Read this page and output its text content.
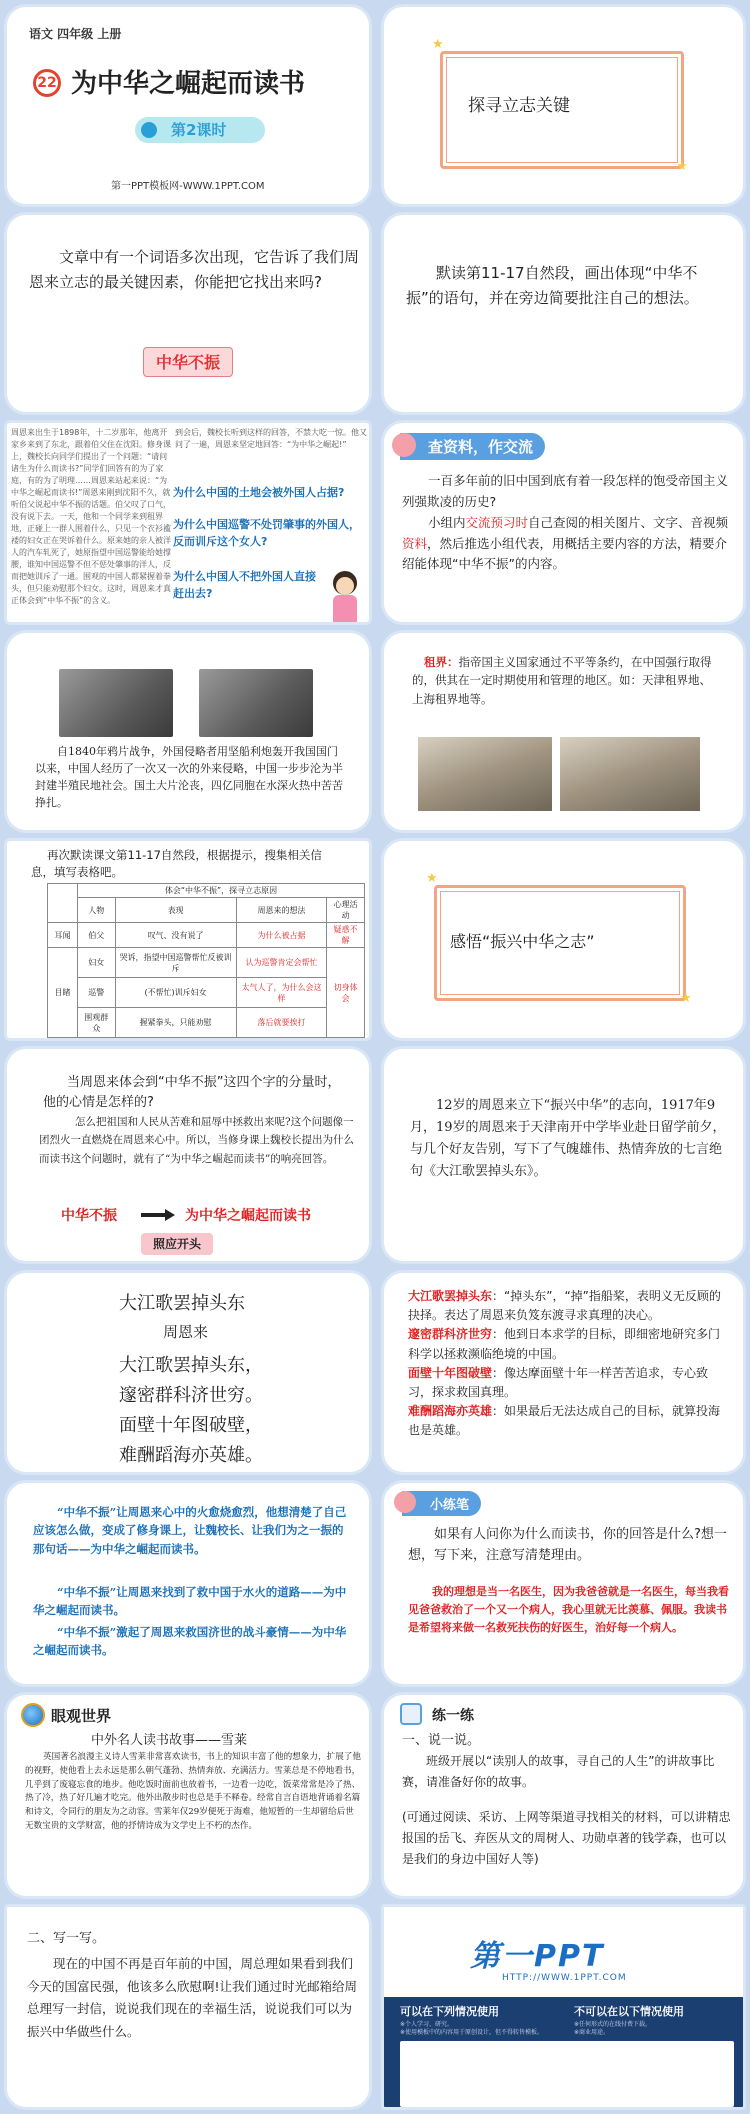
语文 四年级 上册
22 为中华之崛起而读书
第2课时
第一PPT模板网-WWW.1PPT.COM
探寻立志关键
★
★
文章中有一个词语多次出现，它告诉了我们周恩来立志的最关键因素，你能把它找出来吗?
中华不振
默读第11-17自然段，画出体现“中华不振”的语句，并在旁边简要批注自己的想法。
周恩来出生于1898年，十二岁那年，他离开家乡来到了东北，跟着伯父住在沈阳。修身课上，魏校长向同学们提出了一个问题：“请问诸生为什么而读书?”同学们回答有的为了家庭，有的为了明理……周恩来站起来说：“为中华之崛起而读书!”周恩来刚到沈阳不久，就听伯父说起中华不振的话题。伯父叹了口气，没有说下去。一天，他和一个同学来到租界地，正碰上一群人围着什么，只见一个衣衫褴褛的妇女正在哭诉着什么。原来她的亲人被洋人的汽车轧死了，她原指望中国巡警能给她撑腰，谁知中国巡警不但不惩处肇事的洋人，反而把她训斥了一通。围观的中国人都紧握着拳头，但只能劝慰那个妇女。这时，周恩来才真正体会到“中华不振”的含义。
到会后，魏校长听到这样的回答，不禁大吃一惊。他又问了一遍，周恩来坚定地回答：“为中华之崛起!”
为什么中国的土地会被外国人占据?
为什么中国巡警不处罚肇事的外国人，反而训斥这个女人?
为什么中国人不把外国人直接赶出去?
查资料，作交流
一百多年前的旧中国到底有着一段怎样的饱受帝国主义列强欺凌的历史?
小组内交流预习时自己查阅的相关图片、文字、音视频资料，然后推选小组代表，用概括主要内容的方法，精要介绍能体现“中华不振”的内容。
自1840年鸦片战争，外国侵略者用坚船利炮轰开我国国门以来，中国人经历了一次又一次的外来侵略，中国一步步沦为半封建半殖民地社会。国土大片沦丧，四亿同胞在水深火热中苦苦挣扎。
租界：指帝国主义国家通过不平等条约，在中国强行取得的，供其在一定时期使用和管理的地区。如：天津租界地、上海租界地等。
再次默读课文第11-17自然段，根据提示，搜集相关信息，填写表格吧。
	体会“中华不振”，探寻立志原因			
	人物	表现	周恩来的想法	心理活动
耳闻	伯父	叹气、没有说了	为什么被占据	疑惑不解
目睹	妇女	哭诉，指望中国巡警帮忙反被训斥	认为巡警肯定会帮忙	切身体会
	巡警	(不帮忙)训斥妇女	太气人了，为什么会这样	
	围观群众	握紧拳头，只能劝慰	落后就要挨打	
感悟“振兴中华之志”
★
★
当周恩来体会到“中华不振”这四个字的分量时，他的心情是怎样的?
怎么把祖国和人民从苦难和屈辱中拯救出来呢?这个问题像一团烈火一直燃烧在周恩来心中。所以，当修身课上魏校长提出为什么而读书这个问题时，就有了“为中华之崛起而读书”的响亮回答。
中华不振	为中华之崛起而读书
照应开头
12岁的周恩来立下“振兴中华”的志向，1917年9月，19岁的周恩来于天津南开中学毕业赴日留学前夕，与几个好友告别，写下了气魄雄伟、热情奔放的七言绝句《大江歌罢掉头东》。
大江歌罢掉头东
周恩来
大江歌罢掉头东，
邃密群科济世穷。
面壁十年图破壁，
难酬蹈海亦英雄。
大江歌罢掉头东：“掉头东”，“掉”指船桨，表明义无反顾的抉择。表达了周恩来负笈东渡寻求真理的决心。
邃密群科济世穷：他到日本求学的目标，即细密地研究多门科学以拯救濒临绝境的中国。
面壁十年图破壁：像达摩面壁十年一样苦苦追求，专心致习，探求救国真理。
难酬蹈海亦英雄：如果最后无法达成自己的目标，就算投海也是英雄。
“中华不振”让周恩来心中的火愈烧愈烈，他想清楚了自己应该怎么做，变成了修身课上，让魏校长、让我们为之一振的那句话——为中华之崛起而读书。
“中华不振”让周恩来找到了救中国于水火的道路——为中华之崛起而读书。
“中华不振”激起了周恩来救国济世的战斗豪情——为中华之崛起而读书。
小练笔
如果有人问你为什么而读书，你的回答是什么?想一想，写下来，注意写清楚理由。
我的理想是当一名医生，因为我爸爸就是一名医生，每当我看见爸爸救治了一个又一个病人，我心里就无比羡慕、佩服。我读书是希望将来做一名救死扶伤的好医生，治好每一个病人。
眼观世界
中外名人读书故事——雪莱
英国著名浪漫主义诗人雪莱非常喜欢读书，书上的知识丰富了他的想象力，扩展了他的视野，使他看上去永远是那么朝气蓬勃、热情奔放、充满活力。雪莱总是不停地看书，几乎到了废寝忘食的地步。他吃饭时面前也放着书，一边看一边吃，饭菜常常是冷了热、热了冷，热了好几遍才吃完。他外出散步时也总是手不释卷。经常自言自语地背诵着名篇和诗文，令同行的朋友为之动容。雪莱年仅29岁便死于海难，他短暂的一生却留给后世无数宝贵的文学财富，他的抒情诗成为文学史上不朽的杰作。
练一练
一、说一说。
班级开展以“读别人的故事，寻自己的人生”的讲故事比赛，请准备好你的故事。
(可通过阅读、采访、上网等渠道寻找相关的材料，可以讲精忠报国的岳飞、弃医从文的周树人、功勋卓著的钱学森，也可以是我们的身边中国好人等)
二、写一写。
现在的中国不再是百年前的中国，周总理如果看到我们今天的国富民强，他该多么欣慰啊!让我们通过时光邮箱给周总理写一封信，说说我们现在的幸福生活，说说我们可以为振兴中华做些什么。
第一PPT
HTTP://WWW.1PPT.COM
可以在下列情况使用
※个人学习、研究。
※使用模板中的内容用于原创设计，但不得转售模板。
不可以在以下情况使用
※任何形式的在线付费下载。
※商业用途。
